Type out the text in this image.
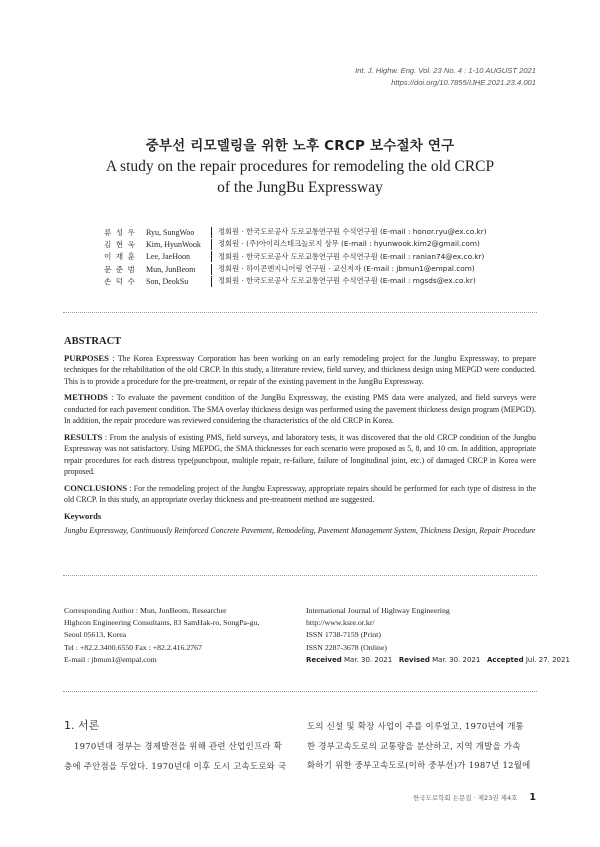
Int. J. Highw. Eng. Vol. 23 No. 4 : 1-10 AUGUST 2021
https://doi.org/10.7855/IJHE.2021.23.4.001
중부선 리모델링을 위한 노후 CRCP 보수절차 연구
A study on the repair procedures for remodeling the old CRCP
of the JungBu Expressway
류 성 우	Ryu, SungWoo	정회원 · 한국도로공사 도로교통연구원 수석연구원 (E-mail : honor.ryu@ex.co.kr)
김 현 욱	Kim, HyunWook	정회원 · (주)아이리스테크놀로지 상무 (E-mail : hyunwook.kim2@gmail.com)
이 재 훈	Lee, JaeHoon	정회원 · 한국도로공사 도로교통연구원 수석연구원 (E-mail : ranian74@ex.co.kr)
문 준 범	Mun, JunBeom	정회원 · 하이콘엔지니어링 연구원 · 교신저자 (E-mail : jbmun1@empal.com)
손 덕 수	Son, DeokSu	정회원 · 한국도로공사 도로교통연구원 수석연구원 (E-mail : mgsds@ex.co.kr)
ABSTRACT

PURPOSES : The Korea Expressway Corporation has been working on an early remodeling project for the Jungbu Expressway, to prepare techniques for the rehabilitation of the old CRCP. In this study, a literature review, field survey, and thickness design using MEPGD were conducted. This is to provide a procedure for the pre-treatment, or repair of the existing pavement in the JungBu Expressway.

METHODS : To evaluate the pavement condition of the JungBu Expressway, the existing PMS data were analyzed, and field surveys were conducted for each pavement condition. The SMA overlay thickness design was performed using the pavement thickness design program (MEPGD). In addition, the repair procedure was reviewed considering the characteristics of the old CRCP in Korea.

RESULTS : From the analysis of existing PMS, field surveys, and laboratory tests, it was discovered that the old CRCP condition of the Jungbu Expressway was not satisfactory. Using MEPDG, the SMA thicknesses for each scenario were proposed as 5, 8, and 10 cm. In addition, appropriate repair procedures for each distress type(punchpout, multiple repair, re-failure, failure of longitudinal joint, etc.) of damaged CRCP in Korea were proposed.

CONCLUSIONS : For the remodeling project of the Jungbu Expressway, appropriate repairs should be performed for each type of distress in the old CRCP. In this study, an appropriate overlay thickness and pre-treatment method are suggested.

Keywords
Jungbu Expressway, Continuously Reinforced Concrete Pavement, Remodeling, Pavement Management System, Thickness Design, Repair Procedure
Corresponding Author : Mun, JunBeom, Researcher
Highcon Engineering Consultants, 83 SamHak-ro, SongPa-gu,
Seoul 05613, Korea
Tel : +82.2.3400.6550 Fax : +82.2.416.2767
E-mail : jbmun1@empal.com
International Journal of Highway Engineering
http://www.ksre.or.kr/
ISSN 1738-7159 (Print)
ISSN 2287-3678 (Online)
Received Mar. 30. 2021 Revised Mar. 30. 2021 Accepted Jul. 27. 2021
1. 서론
1970년대 정부는 경제발전을 위해 관련 산업인프라 확
충에 주안점을 두었다. 1970년대 이후 도시 고속도로와 국
도의 신설 및 확장 사업이 주를 이루었고, 1970년에 개통
한 경부고속도로의 교통량을 분산하고, 지역 개발을 가속
화하기 위한 중부고속도로(이하 중부선)가 1987년 12월에
한국도로학회 논문집 · 제23권 제4호 1
